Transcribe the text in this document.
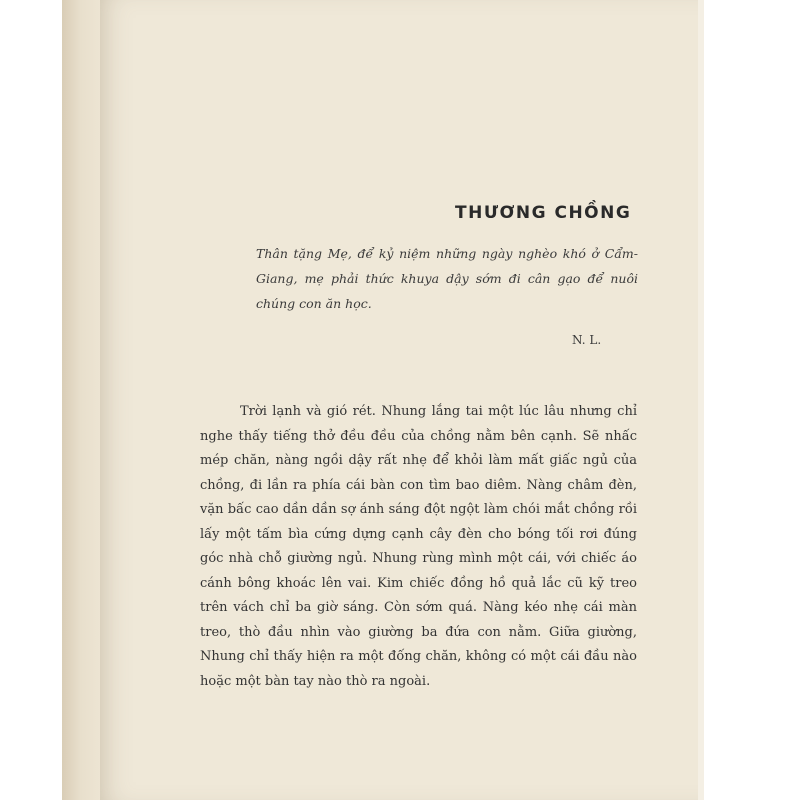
THƯƠNG CHỒNG
Thân tặng Mẹ, để kỷ niệm những ngày nghèo khó ở Cẩm-Giang, mẹ phải thức khuya dậy sớm đi cân gạo để nuôi chúng con ăn học.
N. L.

Trời lạnh và gió rét. Nhung lắng tai một lúc lâu nhưng chỉ nghe thấy tiếng thở đều đều của chồng nằm bên cạnh. Sẽ nhấc mép chăn, nàng ngồi dậy rất nhẹ để khỏi làm mất giấc ngủ của chồng, đi lần ra phía cái bàn con tìm bao diêm. Nàng châm đèn, vặn bấc cao dần dần sợ ánh sáng đột ngột làm chói mắt chồng rồi lấy một tấm bìa cứng dựng cạnh cây đèn cho bóng tối rơi đúng góc nhà chỗ giường ngủ. Nhung rùng mình một cái, với chiếc áo cánh bông khoác lên vai. Kim chiếc đồng hồ quả lắc cũ kỹ treo trên vách chỉ ba giờ sáng. Còn sớm quá. Nàng kéo nhẹ cái màn treo, thò đầu nhìn vào giường ba đứa con nằm. Giữa giường, Nhung chỉ thấy hiện ra một đống chăn, không có một cái đầu nào hoặc một bàn tay nào thò ra ngoài.
